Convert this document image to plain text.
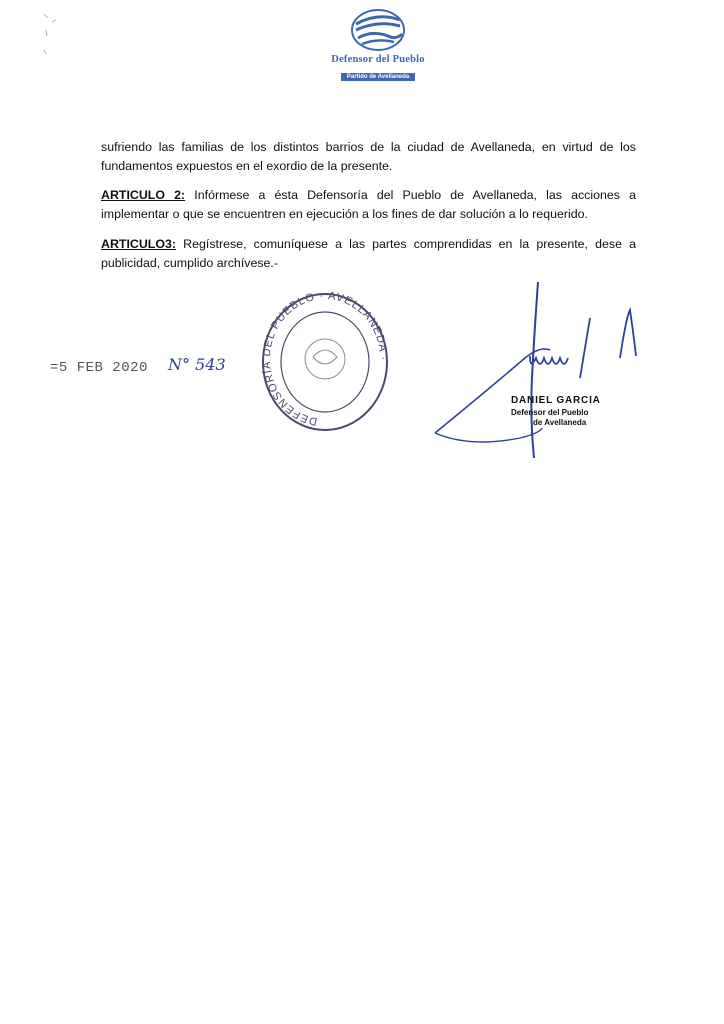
Defensor del Pueblo
Partido de Avellaneda
sufriendo las familias de los distintos barrios de la ciudad de Avellaneda, en virtud de los fundamentos expuestos en el exordio de la presente.
ARTICULO 2: Infórmese a ésta Defensoría del Pueblo de Avellaneda, las acciones a implementar o que se encuentren en ejecución a los fines de dar solución a lo requerido.
ARTICULO3: Regístrese, comuníquese a las partes comprendidas en la presente, dese a publicidad, cumplido archívese.-
=5 FEB 2020 N° 543
DEFENSORÍA DEL PUEBLO · AVELLANEDA ·
DANIEL GARCIA
Defensor del Pueblo
de Avellaneda
